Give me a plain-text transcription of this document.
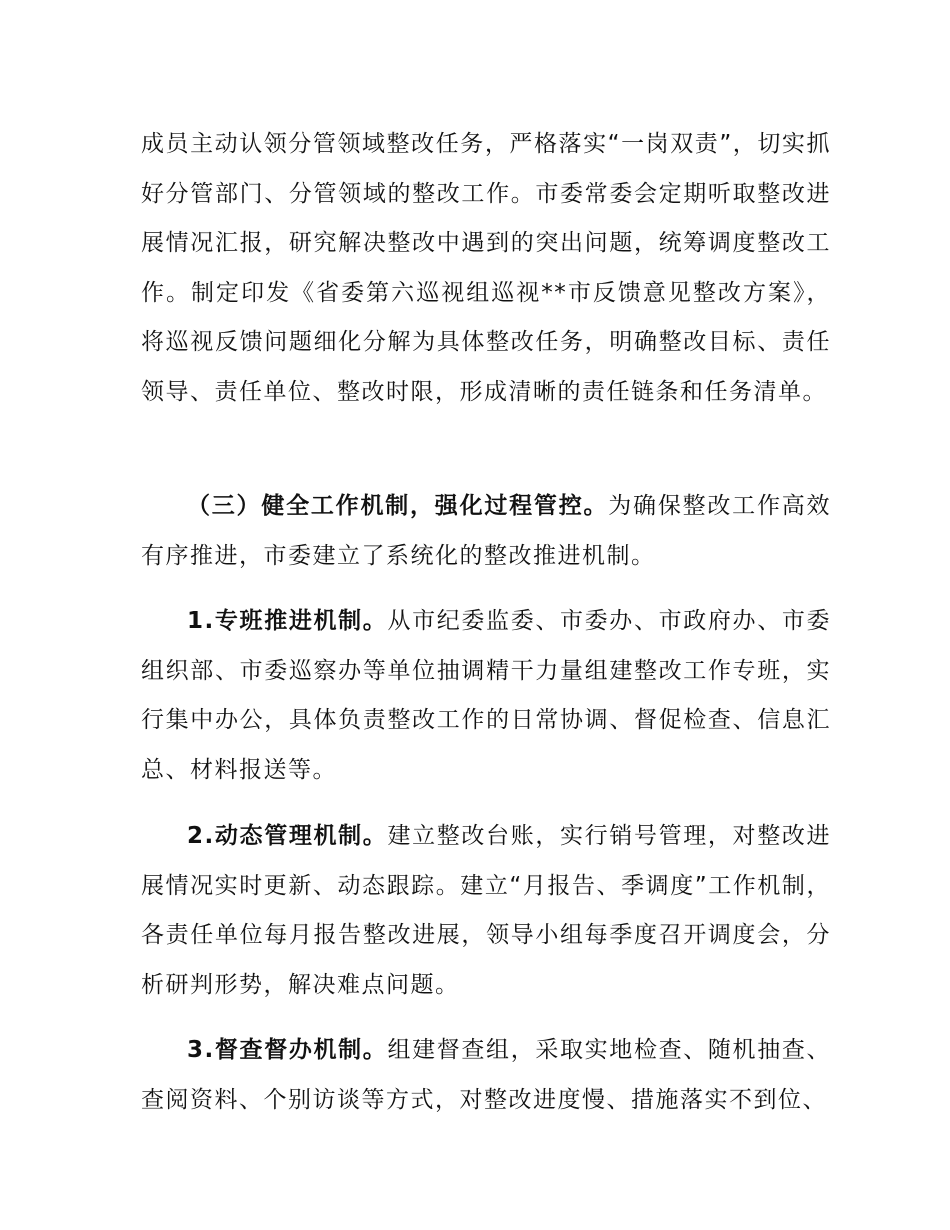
成员主动认领分管领域整改任务，严格落实“一岗双责”，切实抓好分管部门、分管领域的整改工作。市委常委会定期听取整改进展情况汇报，研究解决整改中遇到的突出问题，统筹调度整改工作。制定印发《省委第六巡视组巡视**市反馈意见整改方案》，将巡视反馈问题细化分解为具体整改任务，明确整改目标、责任领导、责任单位、整改时限，形成清晰的责任链条和任务清单。

（三）健全工作机制，强化过程管控。为确保整改工作高效有序推进，市委建立了系统化的整改推进机制。

1.专班推进机制。从市纪委监委、市委办、市政府办、市委组织部、市委巡察办等单位抽调精干力量组建整改工作专班，实行集中办公，具体负责整改工作的日常协调、督促检查、信息汇总、材料报送等。

2.动态管理机制。建立整改台账，实行销号管理，对整改进展情况实时更新、动态跟踪。建立“月报告、季调度”工作机制，各责任单位每月报告整改进展，领导小组每季度召开调度会，分析研判形势，解决难点问题。

3.督查督办机制。组建督查组，采取实地检查、随机抽查、查阅资料、个别访谈等方式，对整改进度慢、措施落实不到位、
